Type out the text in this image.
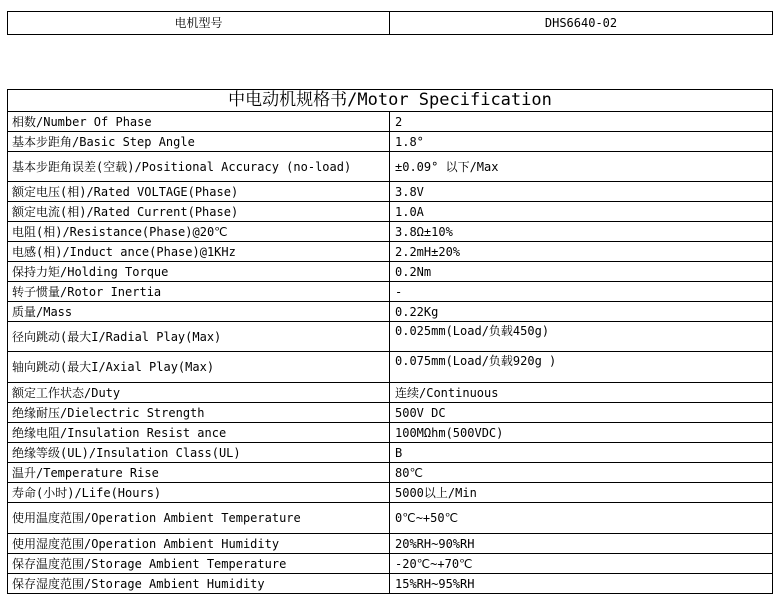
电机型号	DHS6640-02
中电动机规格书/Motor Specification	
相数/Number Of Phase	2
基本步距角/Basic Step Angle	1.8°
基本步距角误差(空载)/Positional Accuracy (no-load)	±0.09° 以下/Max
额定电压(相)/Rated VOLTAGE(Phase)	3.8V
额定电流(相)/Rated Current(Phase)	1.0A
电阻(相)/Resistance(Phase)@20℃	3.8Ω±10%
电感(相)/Induct ance(Phase)@1KHz	2.2mH±20%
保持力矩/Holding Torque	0.2Nm
转子惯量/Rotor Inertia	-
质量/Mass	0.22Kg
径向跳动(最大I/Radial Play(Max)	0.025mm(Load/负载450g)
轴向跳动(最大I/Axial Play(Max)	0.075mm(Load/负载920g )
额定工作状态/Duty	连续/Continuous
绝缘耐压/Dielectric Strength	500V DC
绝缘电阻/Insulation Resist ance	100MΩhm(500VDC)
绝缘等级(UL)/Insulation Class(UL)	B
温升/Temperature Rise	80℃
寿命(小时)/Life(Hours)	5000以上/Min
使用温度范围/Operation Ambient Temperature	0℃~+50℃
使用湿度范围/Operation Ambient Humidity	20%RH~90%RH
保存温度范围/Storage Ambient Temperature	-20℃~+70℃
保存湿度范围/Storage Ambient Humidity	15%RH~95%RH
